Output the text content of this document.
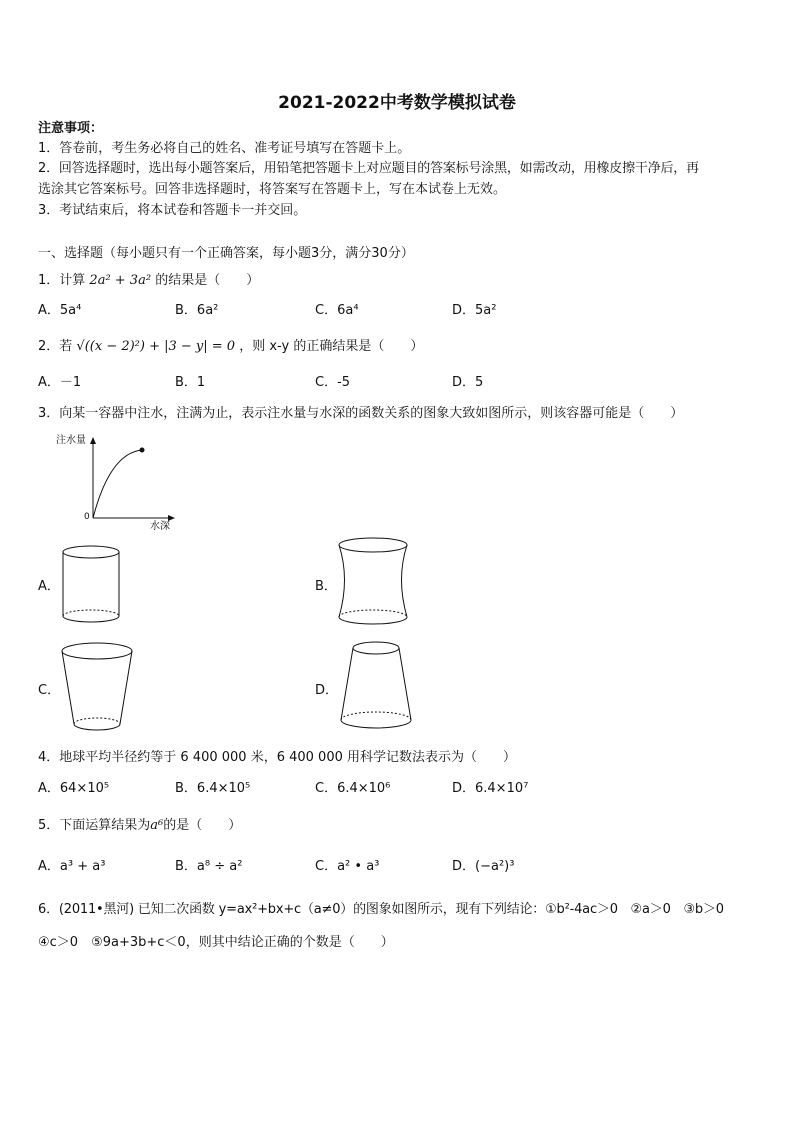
2021-2022中考数学模拟试卷
注意事项：
1．答卷前，考生务必将自己的姓名、准考证号填写在答题卡上。
2．回答选择题时，选出每小题答案后，用铅笔把答题卡上对应题目的答案标号涂黑，如需改动，用橡皮擦干净后，再
选涂其它答案标号。回答非选择题时，将答案写在答题卡上，写在本试卷上无效。
3．考试结束后，将本试卷和答题卡一并交回。
一、选择题（每小题只有一个正确答案，每小题3分，满分30分）
1．计算 2a² + 3a² 的结果是（　　）
A．5a⁴	B．6a²	C．6a⁴	D．5a²
2．若 √((x − 2)²) + |3 − y| = 0 ，则 x-y 的正确结果是（　　）
A．－1	B．1	C．-5	D．5
3．向某一容器中注水，注满为止，表示注水量与水深的函数关系的图象大致如图所示，则该容器可能是（　　）
注水量
水深
0
A．	B．
C．	D．
4．地球平均半径约等于 6 400 000 米，6 400 000 用科学记数法表示为（　　）
A．64×10⁵	B．6.4×10⁵	C．6.4×10⁶	D．6.4×10⁷
5．下面运算结果为a⁶的是（　　）
A．a³ + a³	B．a⁸ ÷ a²	C．a² • a³	D．(−a²)³
6．(2011•黑河) 已知二次函数 y=ax²+bx+c（a≠0）的图象如图所示，现有下列结论：①b²-4ac＞0　②a＞0　③b＞0
④c＞0　⑤9a+3b+c＜0，则其中结论正确的个数是（　　）
